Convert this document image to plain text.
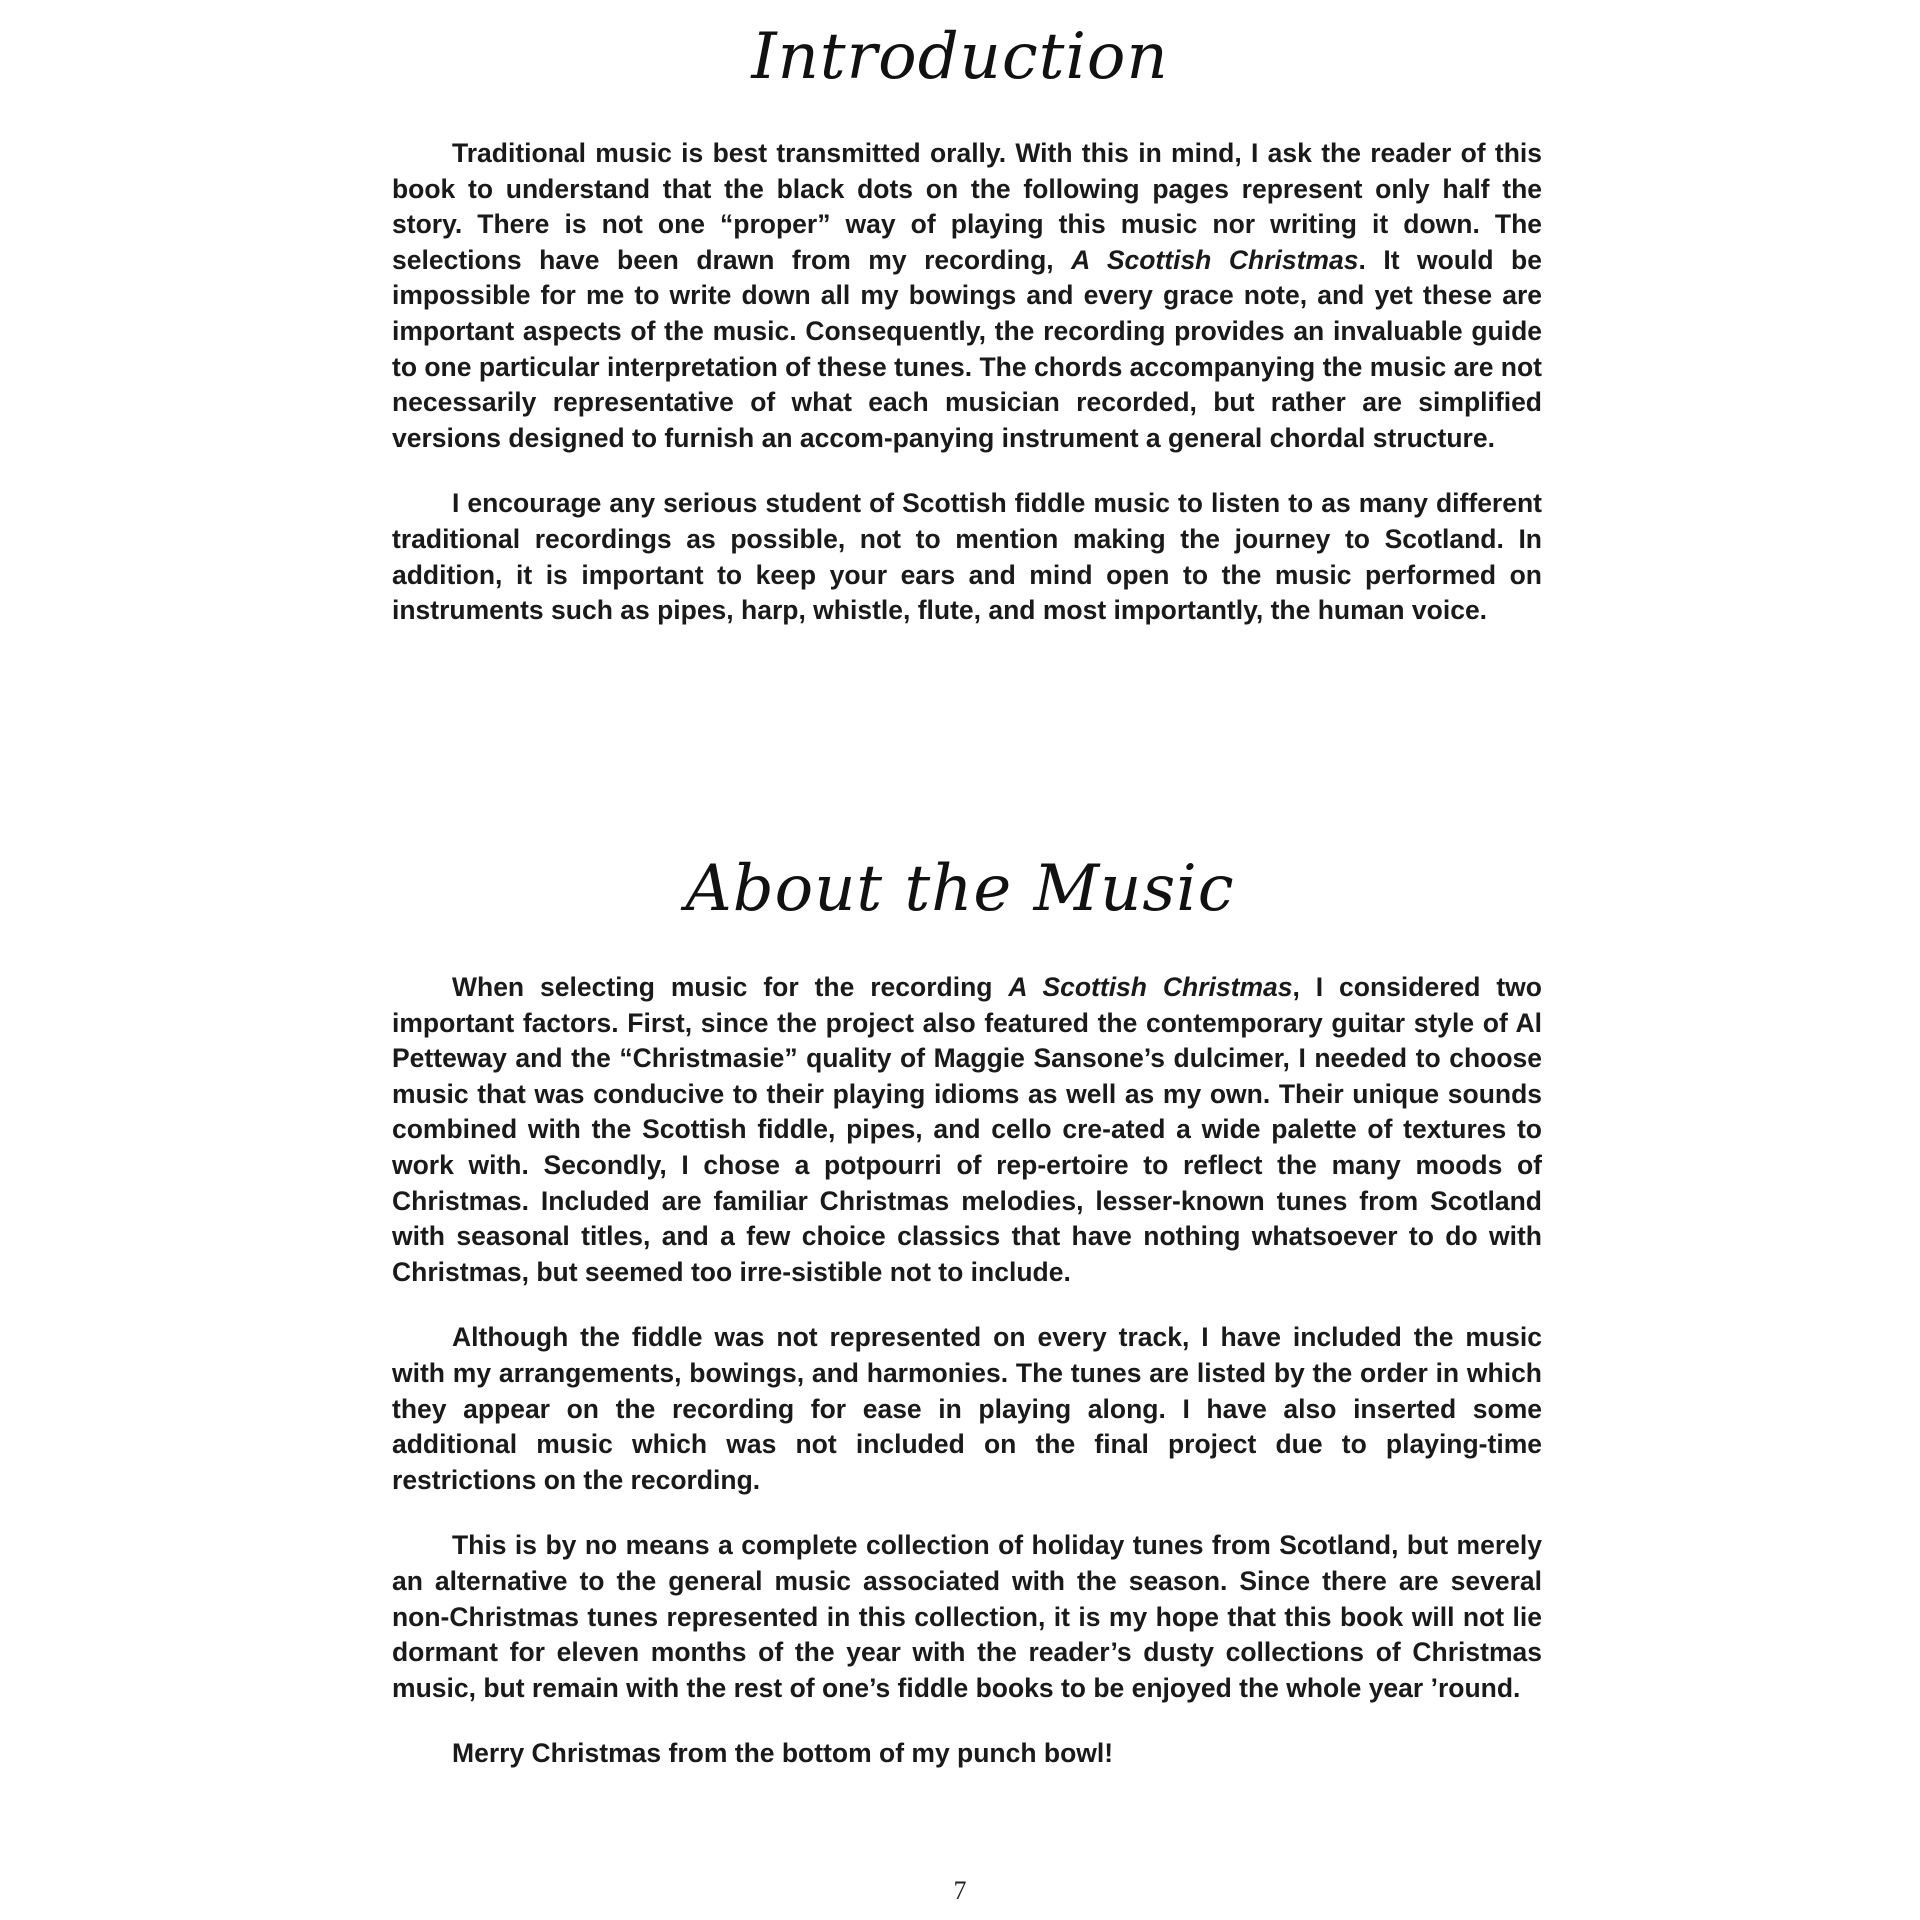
Introduction

Traditional music is best transmitted orally. With this in mind, I ask the reader of this book to understand that the black dots on the following pages represent only half the story. There is not one “proper” way of playing this music nor writing it down. The selections have been drawn from my recording, A Scottish Christmas. It would be impossible for me to write down all my bowings and every grace note, and yet these are important aspects of the music. Consequently, the recording provides an invaluable guide to one particular interpretation of these tunes. The chords accompanying the music are not necessarily representative of what each musician recorded, but rather are simplified versions designed to furnish an accom-panying instrument a general chordal structure.

I encourage any serious student of Scottish fiddle music to listen to as many different traditional recordings as possible, not to mention making the journey to Scotland. In addition, it is important to keep your ears and mind open to the music performed on instruments such as pipes, harp, whistle, flute, and most importantly, the human voice.

About the Music

When selecting music for the recording A Scottish Christmas, I considered two important factors. First, since the project also featured the contemporary guitar style of Al Petteway and the “Christmasie” quality of Maggie Sansone’s dulcimer, I needed to choose music that was conducive to their playing idioms as well as my own. Their unique sounds combined with the Scottish fiddle, pipes, and cello cre-ated a wide palette of textures to work with. Secondly, I chose a potpourri of rep-ertoire to reflect the many moods of Christmas. Included are familiar Christmas melodies, lesser-known tunes from Scotland with seasonal titles, and a few choice classics that have nothing whatsoever to do with Christmas, but seemed too irre-sistible not to include.

Although the fiddle was not represented on every track, I have included the music with my arrangements, bowings, and harmonies. The tunes are listed by the order in which they appear on the recording for ease in playing along. I have also inserted some additional music which was not included on the final project due to playing-time restrictions on the recording.

This is by no means a complete collection of holiday tunes from Scotland, but merely an alternative to the general music associated with the season. Since there are several non-Christmas tunes represented in this collection, it is my hope that this book will not lie dormant for eleven months of the year with the reader’s dusty collections of Christmas music, but remain with the rest of one’s fiddle books to be enjoyed the whole year ’round.

Merry Christmas from the bottom of my punch bowl!

7
